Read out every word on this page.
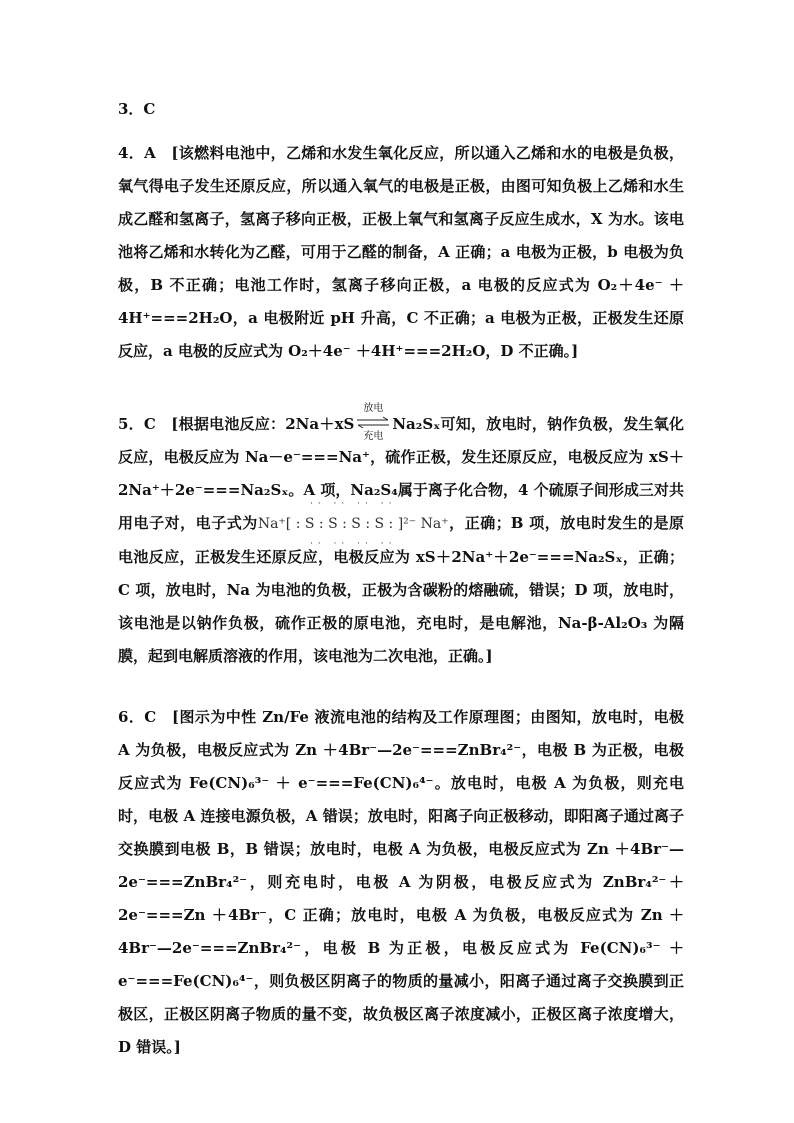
3．C
4．A　[该燃料电池中，乙烯和水发生氧化反应，所以通入乙烯和水的电极是负极，氧气得电子发生还原反应，所以通入氧气的电极是正极，由图可知负极上乙烯和水生成乙醛和氢离子，氢离子移向正极，正极上氧气和氢离子反应生成水，X 为水。该电池将乙烯和水转化为乙醛，可用于乙醛的制备，A 正确；a 电极为正极，b 电极为负极，B 不正确；电池工作时，氢离子移向正极，a 电极的反应式为 O₂＋4e⁻ ＋4H⁺===2H₂O，a 电极附近 pH 升高，C 不正确；a 电极为正极，正极发生还原反应，a 电极的反应式为 O₂＋4e⁻ ＋4H⁺===2H₂O，D 不正确。]
5．C　[根据电池反应：2Na＋xS
放电
充电
Na₂Sₓ可知，放电时，钠作负极，发生氧化反应，电极反应为 Na－e⁻===Na⁺，硫作正极，发生还原反应，电极反应为 xS＋2Na⁺＋2e⁻===Na₂Sₓ。A 项，Na₂S₄属于离子化合物，4 个硫原子间形成三对共用电子对，电子式为
·· ·· ·· ··
Na⁺[ : S : S : S : S : ]²⁻ Na⁺
·· ·· ·· ··
，正确；B 项，放电时发生的是原电池反应，正极发生还原反应，电极反应为 xS＋2Na⁺＋2e⁻===Na₂Sₓ，正确；C 项，放电时，Na 为电池的负极，正极为含碳粉的熔融硫，错误；D 项，放电时，该电池是以钠作负极，硫作正极的原电池，充电时，是电解池，Na-β-Al₂O₃ 为隔膜，起到电解质溶液的作用，该电池为二次电池，正确。]
6．C　[图示为中性 Zn/Fe 液流电池的结构及工作原理图；由图知，放电时，电极 A 为负极，电极反应式为 Zn ＋4Br⁻—2e⁻===ZnBr₄²⁻，电极 B 为正极，电极反应式为 Fe(CN)₆³⁻ ＋ e⁻===Fe(CN)₆⁴⁻。放电时，电极 A 为负极，则充电时，电极 A 连接电源负极，A 错误；放电时，阳离子向正极移动，即阳离子通过离子交换膜到电极 B，B 错误；放电时，电极 A 为负极，电极反应式为 Zn ＋4Br⁻—2e⁻===ZnBr₄²⁻，则充电时，电极 A 为阴极，电极反应式为 ZnBr₄²⁻＋2e⁻===Zn ＋4Br⁻，C 正确；放电时，电极 A 为负极，电极反应式为 Zn ＋4Br⁻—2e⁻===ZnBr₄²⁻，电极 B 为正极，电极反应式为 Fe(CN)₆³⁻ ＋ e⁻===Fe(CN)₆⁴⁻，则负极区阴离子的物质的量减小，阳离子通过离子交换膜到正极区，正极区阴离子物质的量不变，故负极区离子浓度减小，正极区离子浓度增大，D 错误。]
